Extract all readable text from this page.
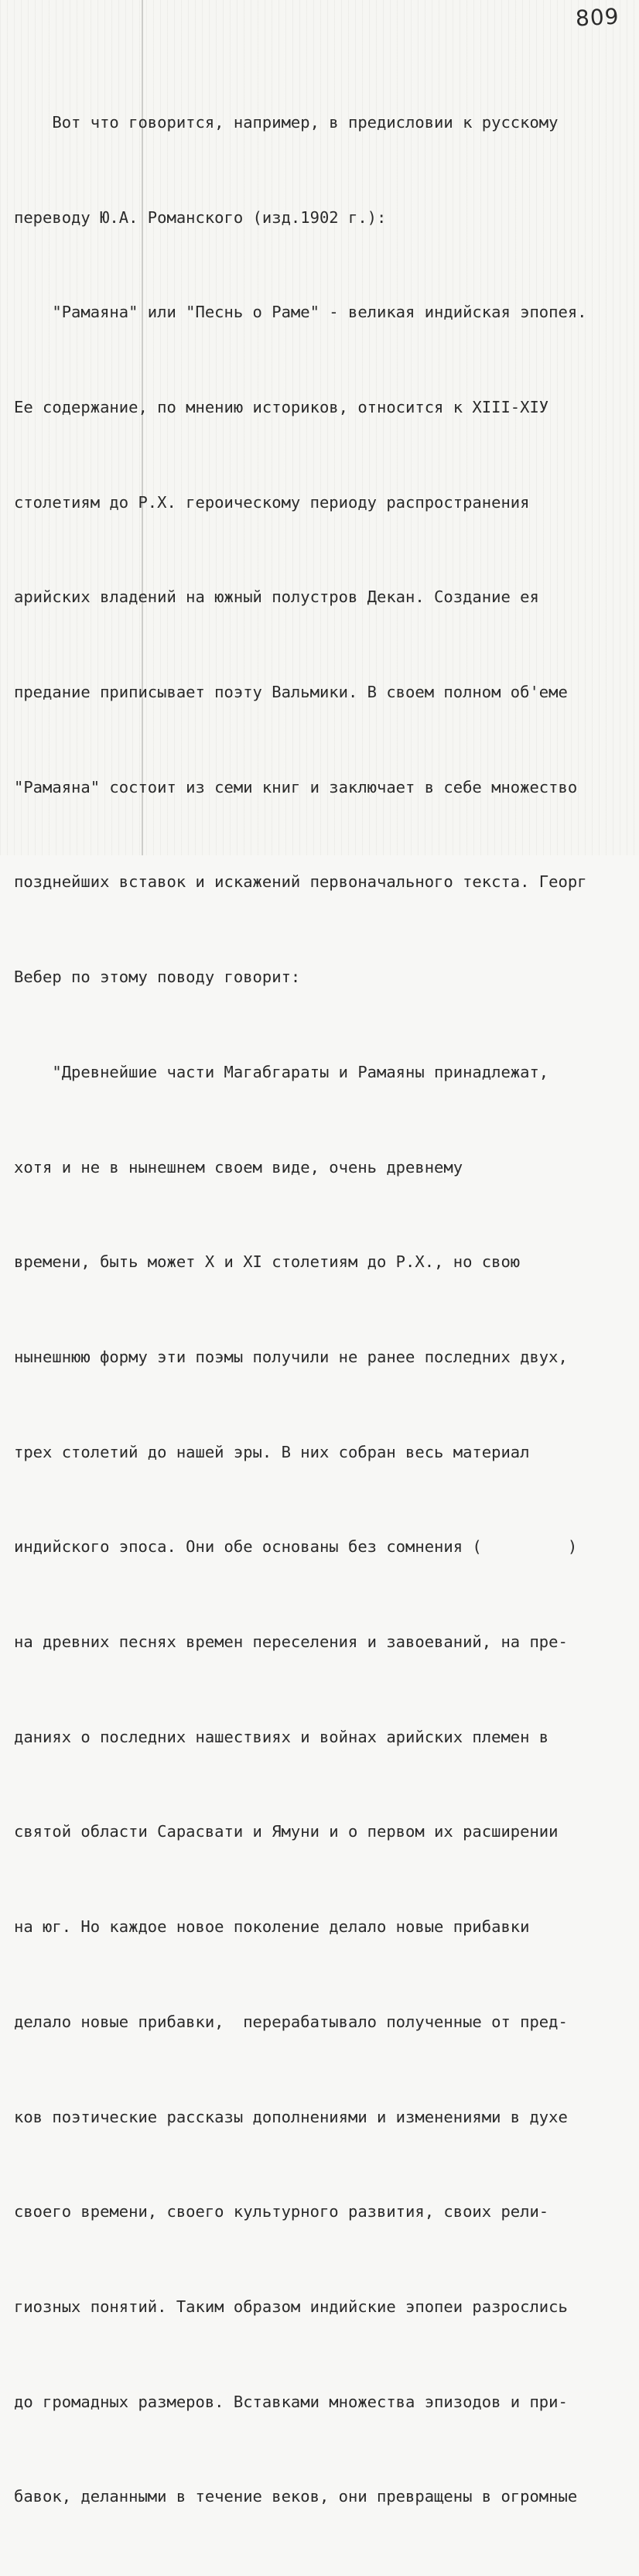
809

Вот что говорится, например, в предисловии к русскому

переводу Ю.А. Романского (изд.1902 г.):

"Рамаяна" или "Песнь о Раме" - великая индийская эпопея.

Ее содержание, по мнению историков, относится к XIII-XIУ

столетиям до Р.Х. героическому периоду распространения

арийских владений на южный полустров Декан. Создание ея

предание приписывает поэту Вальмики. В своем полном об'еме

"Рамаяна" состоит из семи книг и заключает в себе множество

позднейших вставок и искажений первоначального текста. Георг

Вебер по этому поводу говорит:

"Древнейшие части Магабгараты и Рамаяны принадлежат,

хотя и не в нынешнем своем виде, очень древнему

времени, быть может X и XI столетиям до Р.Х., но свою

нынешнюю форму эти поэмы получили не ранее последних двух,

трех столетий до нашей эры. В них собран весь материал

индийского эпоса. Они обе основаны без сомнения (         )

на древних песнях времен переселения и завоеваний, на пре-

даниях о последних нашествиях и войнах арийских племен в

святой области Сарасвати и Ямуни и о первом их расширении

на юг. Но каждое новое поколение делало новые прибавки

делало новые прибавки,  перерабатывало полученные от пред-

ков поэтические рассказы дополнениями и изменениями в духе

своего времени, своего культурного развития, своих рели-

гиозных понятий. Таким образом индийские эпопеи разрослись

до громадных размеров. Вставками множества эпизодов и при-

бавок, деланными в течение веков, они превращены в огромные
